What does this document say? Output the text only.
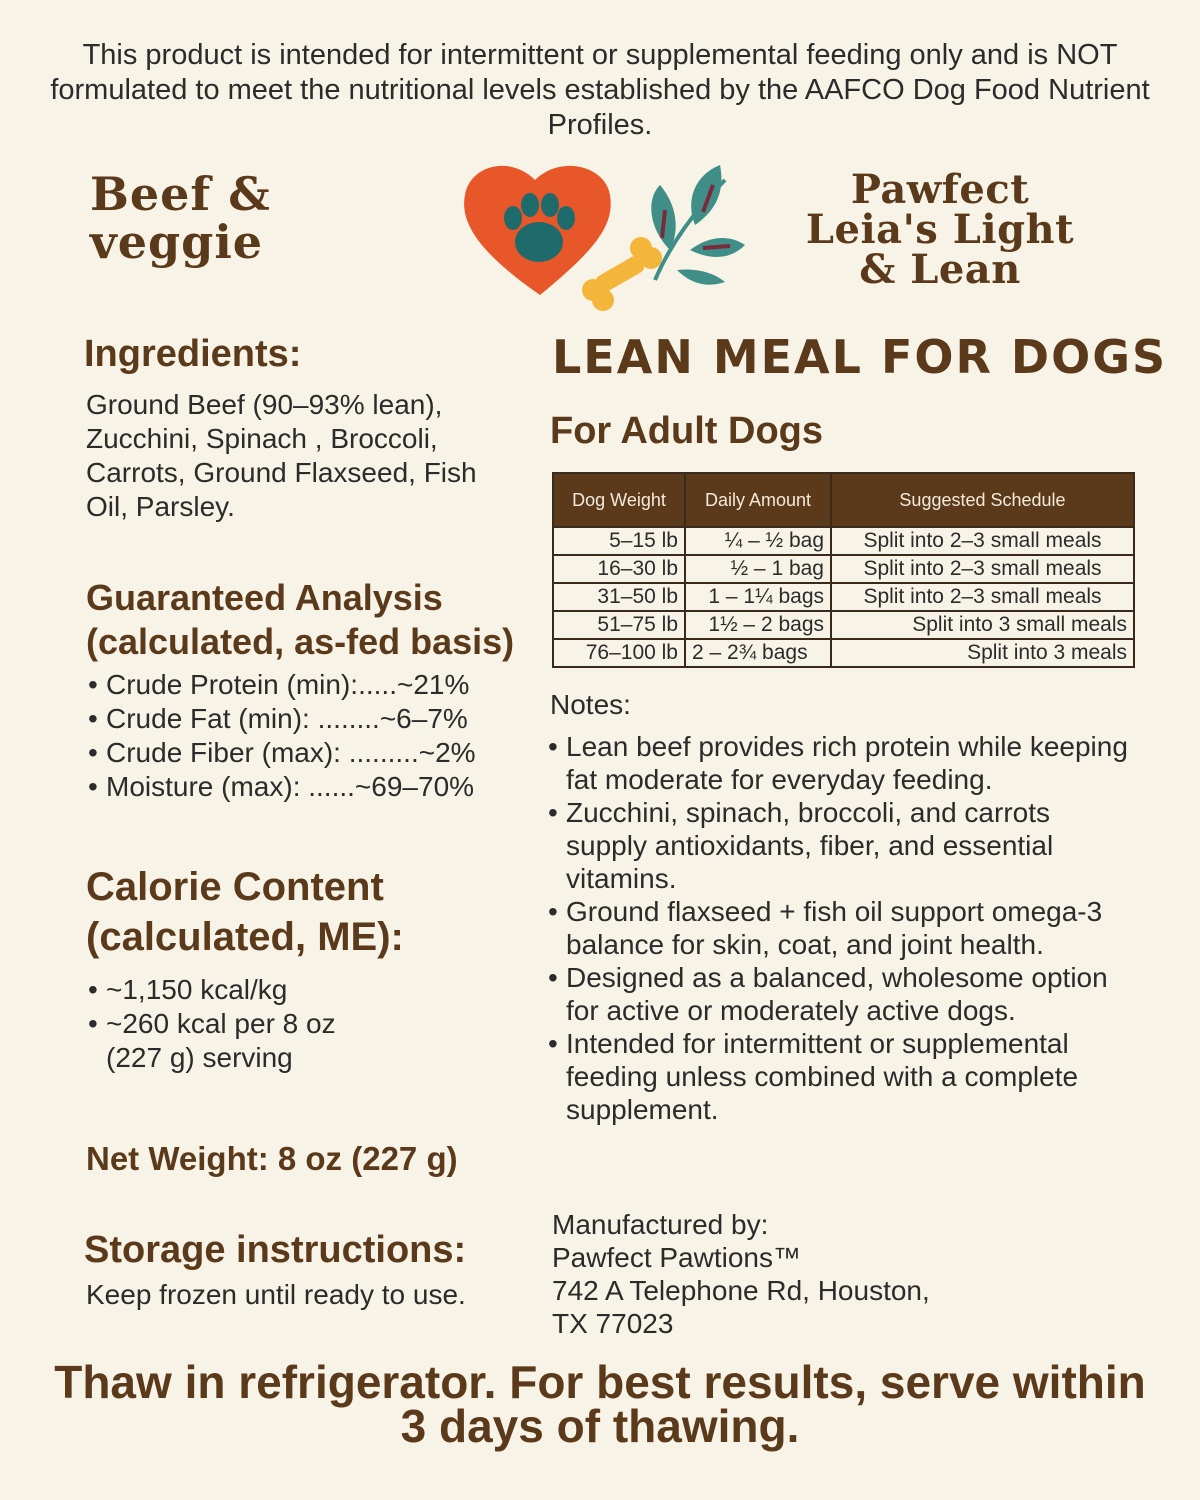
This product is intended for intermittent or supplemental feeding only and is NOT formulated to meet the nutritional levels established by the AAFCO Dog Food Nutrient Profiles.
Beef &
veggie
Pawfect
Leia's Light
& Lean
Ingredients:
Ground Beef (90–93% lean), Zucchini, Spinach , Broccoli, Carrots, Ground Flaxseed, Fish Oil, Parsley.
Guaranteed Analysis
(calculated, as-fed basis)
• Crude Protein (min):.....~21%
• Crude Fat (min): ........~6–7%
• Crude Fiber (max): .........~2%
• Moisture (max): ......~69–70%
Calorie Content
(calculated, ME):
• ~1,150 kcal/kg
• ~260 kcal per 8 oz (227 g) serving
Net Weight: 8 oz (227 g)
Storage instructions:
Keep frozen until ready to use.
LEAN MEAL FOR DOGS
For Adult Dogs
Dog Weight	Daily Amount	Suggested Schedule
5–15 lb	¼ – ½ bag	Split into 2–3 small meals
16–30 lb	½ – 1 bag	Split into 2–3 small meals
31–50 lb	1 – 1¼ bags	Split into 2–3 small meals
51–75 lb	1½ – 2 bags	Split into 3 small meals
76–100 lb	2 – 2¾ bags	Split into 3 meals
Notes:
• Lean beef provides rich protein while keeping fat moderate for everyday feeding.
• Zucchini, spinach, broccoli, and carrots supply antioxidants, fiber, and essential vitamins.
• Ground flaxseed + fish oil support omega-3 balance for skin, coat, and joint health.
• Designed as a balanced, wholesome option for active or moderately active dogs.
• Intended for intermittent or supplemental feeding unless combined with a complete supplement.
Manufactured by:
Pawfect Pawtions™
742 A Telephone Rd, Houston,
TX 77023
Thaw in refrigerator. For best results, serve within 3 days of thawing.
